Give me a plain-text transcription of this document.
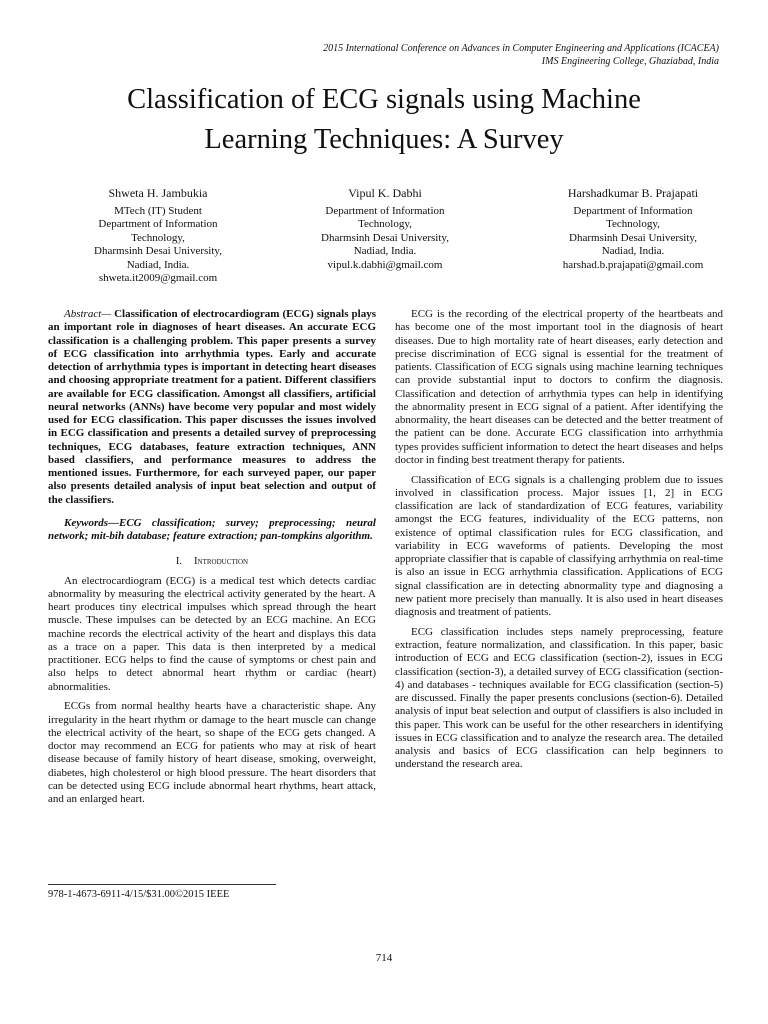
2015 International Conference on Advances in Computer Engineering and Applications (ICACEA)
IMS Engineering College, Ghaziabad, India
Classification of ECG signals using Machine
Learning Techniques: A Survey
Shweta H. Jambukia
MTech (IT) Student
Department of Information
Technology,
Dharmsinh Desai University,
Nadiad, India.
shweta.it2009@gmail.com
Vipul K. Dabhi
Department of Information
Technology,
Dharmsinh Desai University,
Nadiad, India.
vipul.k.dabhi@gmail.com
Harshadkumar B. Prajapati
Department of Information
Technology,
Dharmsinh Desai University,
Nadiad, India.
harshad.b.prajapati@gmail.com

Abstract— Classification of electrocardiogram (ECG) signals plays an important role in diagnoses of heart diseases. An accurate ECG classification is a challenging problem. This paper presents a survey of ECG classification into arrhythmia types. Early and accurate detection of arrhythmia types is important in detecting heart diseases and choosing appropriate treatment for a patient. Different classifiers are available for ECG classification. Amongst all classifiers, artificial neural networks (ANNs) have become very popular and most widely used for ECG classification. This paper discusses the issues involved in ECG classification and presents a detailed survey of preprocessing techniques, ECG databases, feature extraction techniques, ANN based classifiers, and performance measures to address the mentioned issues. Furthermore, for each surveyed paper, our paper also presents detailed analysis of input beat selection and output of the classifiers.

Keywords—ECG classification; survey; preprocessing; neural network; mit-bih database; feature extraction; pan-tompkins algorithm.

I. Introduction

An electrocardiogram (ECG) is a medical test which detects cardiac abnormality by measuring the electrical activity generated by the heart. A heart produces tiny electrical impulses which spread through the heart muscle. These impulses can be detected by an ECG machine. An ECG machine records the electrical activity of the heart and displays this data as a trace on a paper. This data is then interpreted by a medical practitioner. ECG helps to find the cause of symptoms or chest pain and also helps to detect abnormal heart rhythm or cardiac (heart) abnormalities.

ECGs from normal healthy hearts have a characteristic shape. Any irregularity in the heart rhythm or damage to the heart muscle can change the electrical activity of the heart, so shape of the ECG gets changed. A doctor may recommend an ECG for patients who may at risk of heart disease because of family history of heart disease, smoking, overweight, diabetes, high cholesterol or high blood pressure. The heart disorders that can be detected using ECG include abnormal heart rhythms, heart attack, and an enlarged heart.

ECG is the recording of the electrical property of the heartbeats and has become one of the most important tool in the diagnosis of heart diseases. Due to high mortality rate of heart diseases, early detection and precise discrimination of ECG signal is essential for the treatment of patients. Classification of ECG signals using machine learning techniques can provide substantial input to doctors to confirm the diagnosis. Classification and detection of arrhythmia types can help in identifying the abnormality present in ECG signal of a patient. After identifying the abnormality, the heart diseases can be detected and the better treatment of the patient can be done. Accurate ECG classification into arrhythmia types provides sufficient information to detect the heart diseases and helps doctor in finding best treatment therapy for patients.

Classification of ECG signals is a challenging problem due to issues involved in classification process. Major issues [1, 2] in ECG classification are lack of standardization of ECG features, variability amongst the ECG features, individuality of the ECG patterns, non existence of optimal classification rules for ECG classification, and variability in ECG waveforms of patients. Developing the most appropriate classifier that is capable of classifying arrhythmia on real-time is also an issue in ECG arrhythmia classification. Applications of ECG signal classification are in detecting abnormality type and diagnosing a new patient more precisely than manually. It is also used in heart diseases diagnosis and treatment of patients.

ECG classification includes steps namely preprocessing, feature extraction, feature normalization, and classification. In this paper, basic introduction of ECG and ECG classification (section-2), issues in ECG classification (section-3), a detailed survey of ECG classification (section-4) and databases - techniques available for ECG classification (section-5) are discussed. Finally the paper presents conclusions (section-6). Detailed analysis of input beat selection and output of classifiers is also included in this paper. This work can be useful for the other researchers in identifying issues in ECG classification and to analyze the research area. The detailed analysis and basics of ECG classification can help beginners to understand the research area.

978-1-4673-6911-4/15/$31.00©2015 IEEE
714
